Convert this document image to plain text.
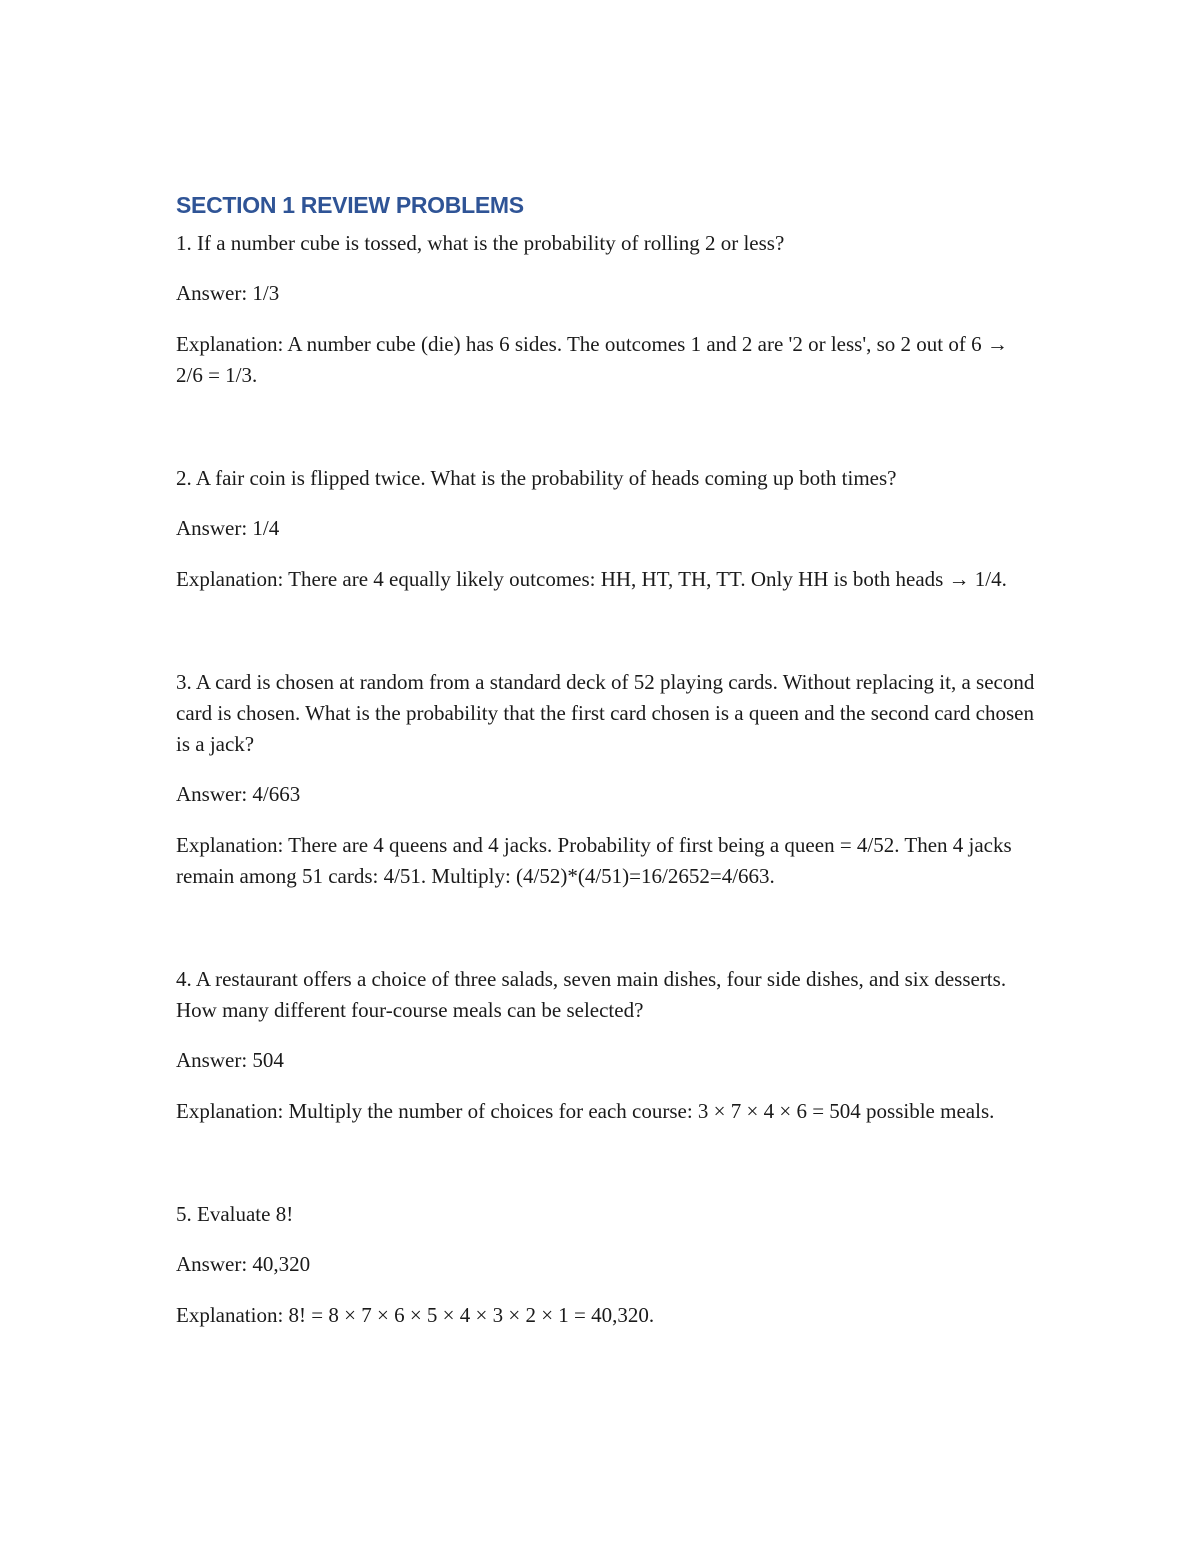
SECTION 1 REVIEW PROBLEMS

1. If a number cube is tossed, what is the probability of rolling 2 or less?

Answer: 1/3

Explanation: A number cube (die) has 6 sides. The outcomes 1 and 2 are '2 or less', so 2 out of 6 → 2/6 = 1/3.

2. A fair coin is flipped twice. What is the probability of heads coming up both times?

Answer: 1/4

Explanation: There are 4 equally likely outcomes: HH, HT, TH, TT. Only HH is both heads → 1/4.

3. A card is chosen at random from a standard deck of 52 playing cards. Without replacing it, a second card is chosen. What is the probability that the first card chosen is a queen and the second card chosen is a jack?

Answer: 4/663

Explanation: There are 4 queens and 4 jacks. Probability of first being a queen = 4/52. Then 4 jacks remain among 51 cards: 4/51. Multiply: (4/52)*(4/51)=16/2652=4/663.

4. A restaurant offers a choice of three salads, seven main dishes, four side dishes, and six desserts. How many different four-course meals can be selected?

Answer: 504

Explanation: Multiply the number of choices for each course: 3 × 7 × 4 × 6 = 504 possible meals.

5. Evaluate 8!

Answer: 40,320

Explanation: 8! = 8 × 7 × 6 × 5 × 4 × 3 × 2 × 1 = 40,320.
